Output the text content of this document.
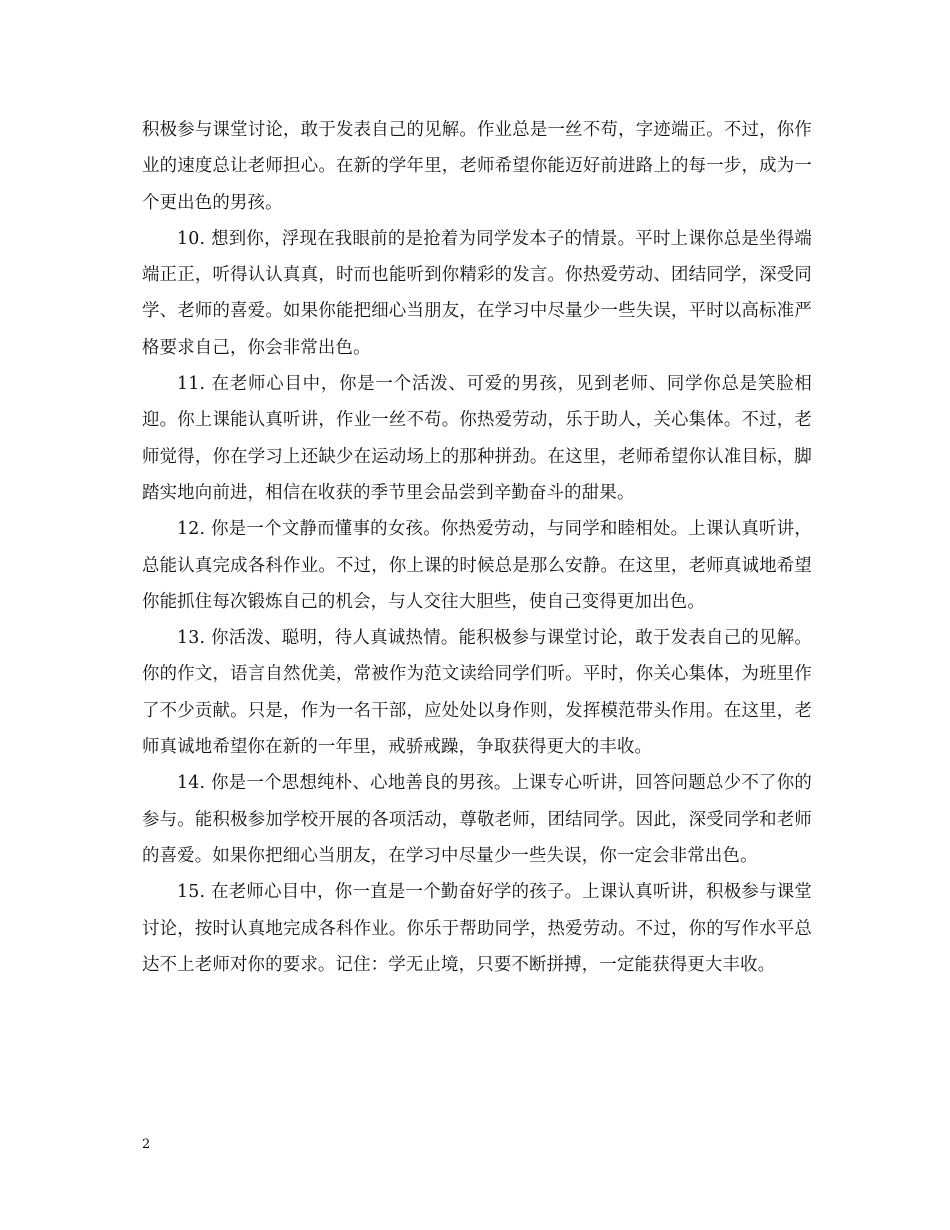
积极参与课堂讨论，敢于发表自己的见解。作业总是一丝不苟，字迹端正。不过，你作业的速度总让老师担心。在新的学年里，老师希望你能迈好前进路上的每一步，成为一个更出色的男孩。

10. 想到你，浮现在我眼前的是抢着为同学发本子的情景。平时上课你总是坐得端端正正，听得认认真真，时而也能听到你精彩的发言。你热爱劳动、团结同学，深受同学、老师的喜爱。如果你能把细心当朋友，在学习中尽量少一些失误，平时以高标准严格要求自己，你会非常出色。

11. 在老师心目中，你是一个活泼、可爱的男孩，见到老师、同学你总是笑脸相迎。你上课能认真听讲，作业一丝不苟。你热爱劳动，乐于助人，关心集体。不过，老师觉得，你在学习上还缺少在运动场上的那种拼劲。在这里，老师希望你认准目标，脚踏实地向前进，相信在收获的季节里会品尝到辛勤奋斗的甜果。

12. 你是一个文静而懂事的女孩。你热爱劳动，与同学和睦相处。上课认真听讲，总能认真完成各科作业。不过，你上课的时候总是那么安静。在这里，老师真诚地希望你能抓住每次锻炼自己的机会，与人交往大胆些，使自己变得更加出色。

13. 你活泼、聪明，待人真诚热情。能积极参与课堂讨论，敢于发表自己的见解。你的作文，语言自然优美，常被作为范文读给同学们听。平时，你关心集体，为班里作了不少贡献。只是，作为一名干部，应处处以身作则，发挥模范带头作用。在这里，老师真诚地希望你在新的一年里，戒骄戒躁，争取获得更大的丰收。

14. 你是一个思想纯朴、心地善良的男孩。上课专心听讲，回答问题总少不了你的参与。能积极参加学校开展的各项活动，尊敬老师，团结同学。因此，深受同学和老师的喜爱。如果你把细心当朋友，在学习中尽量少一些失误，你一定会非常出色。

15. 在老师心目中，你一直是一个勤奋好学的孩子。上课认真听讲，积极参与课堂讨论，按时认真地完成各科作业。你乐于帮助同学，热爱劳动。不过，你的写作水平总达不上老师对你的要求。记住：学无止境，只要不断拼搏，一定能获得更大丰收。

2
